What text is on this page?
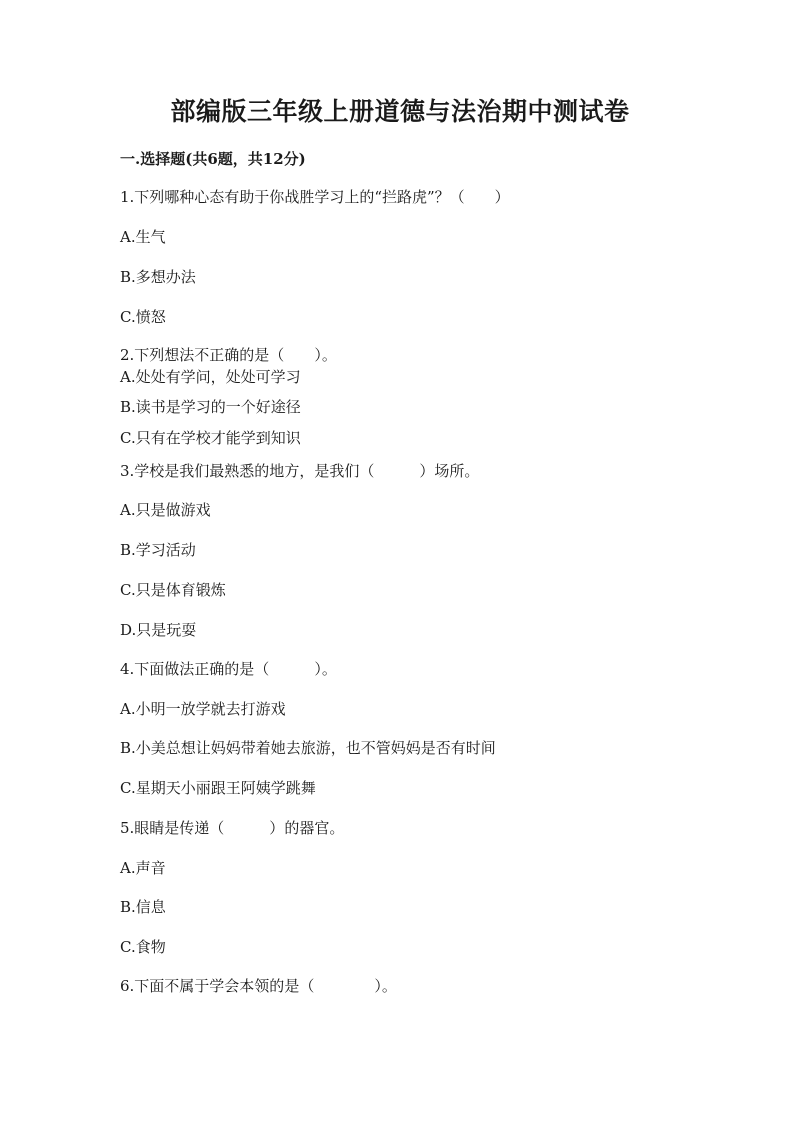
部编版三年级上册道德与法治期中测试卷
一.选择题(共6题，共12分)
1.下列哪种心态有助于你战胜学习上的“拦路虎”？（　　）
A.生气
B.多想办法
C.愤怒
2.下列想法不正确的是（　　）。
A.处处有学问，处处可学习
B.读书是学习的一个好途径
C.只有在学校才能学到知识
3.学校是我们最熟悉的地方，是我们（　　　）场所。
A.只是做游戏
B.学习活动
C.只是体育锻炼
D.只是玩耍
4.下面做法正确的是（　　　）。
A.小明一放学就去打游戏
B.小美总想让妈妈带着她去旅游，也不管妈妈是否有时间
C.星期天小丽跟王阿姨学跳舞
5.眼睛是传递（　　　）的器官。
A.声音
B.信息
C.食物
6.下面不属于学会本领的是（　　　　）。
